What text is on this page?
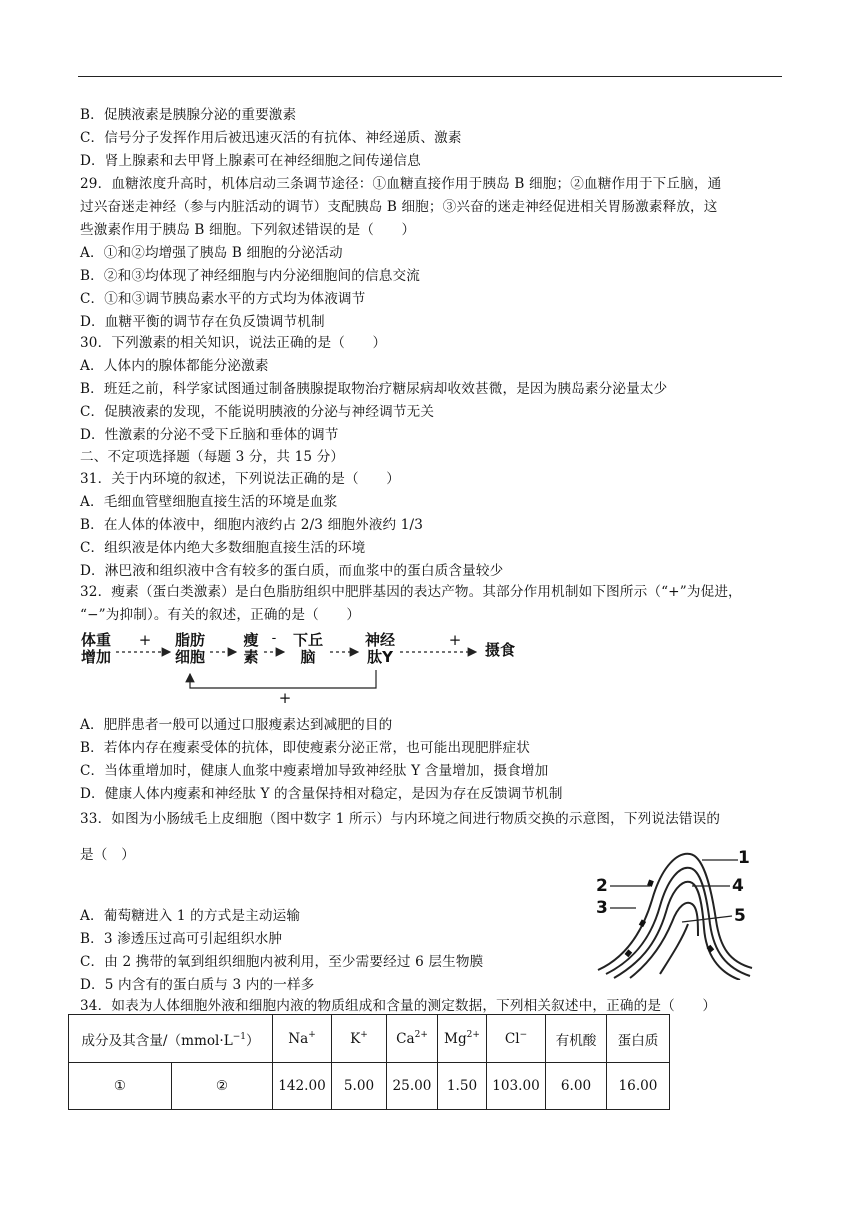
B．促胰液素是胰腺分泌的重要激素
C．信号分子发挥作用后被迅速灭活的有抗体、神经递质、激素
D．肾上腺素和去甲肾上腺素可在神经细胞之间传递信息
29．血糖浓度升高时，机体启动三条调节途径：①血糖直接作用于胰岛 B 细胞；②血糖作用于下丘脑，通
过兴奋迷走神经（参与内脏活动的调节）支配胰岛 B 细胞；③兴奋的迷走神经促进相关胃肠激素释放，这
些激素作用于胰岛 B 细胞。下列叙述错误的是（　　）
A．①和②均增强了胰岛 B 细胞的分泌活动
B．②和③均体现了神经细胞与内分泌细胞间的信息交流
C．①和③调节胰岛素水平的方式均为体液调节
D．血糖平衡的调节存在负反馈调节机制
30．下列激素的相关知识，说法正确的是（　　）
A．人体内的腺体都能分泌激素
B．班廷之前，科学家试图通过制备胰腺提取物治疗糖尿病却收效甚微，是因为胰岛素分泌量太少
C．促胰液素的发现，不能说明胰液的分泌与神经调节无关
D．性激素的分泌不受下丘脑和垂体的调节
二、不定项选择题（每题 3 分，共 15 分）
31．关于内环境的叙述，下列说法正确的是（　　）
A．毛细血管壁细胞直接生活的环境是血浆
B．在人体的体液中，细胞内液约占 2/3 细胞外液约 1/3
C．组织液是体内绝大多数细胞直接生活的环境
D．淋巴液和组织液中含有较多的蛋白质，而血浆中的蛋白质含量较少
32．瘦素（蛋白类激素）是白色脂肪组织中肥胖基因的表达产物。其部分作用机制如下图所示（“+”为促进，
“−”为抑制）。有关的叙述，正确的是（　　）
体重
增加
脂肪
细胞
瘦
素
下丘
脑
神经
肽Y	摄食
+	-	+
+
A．肥胖患者一般可以通过口服瘦素达到减肥的目的
B．若体内存在瘦素受体的抗体，即使瘦素分泌正常，也可能出现肥胖症状
C．当体重增加时，健康人血浆中瘦素增加导致神经肽 Y 含量增加，摄食增加
D．健康人体内瘦素和神经肽 Y 的含量保持相对稳定，是因为存在反馈调节机制
33．如图为小肠绒毛上皮细胞（图中数字 1 所示）与内环境之间进行物质交换的示意图，下列说法错误的
是（　）
A．葡萄糖进入 1 的方式是主动运输
B．3 渗透压过高可引起组织水肿
C．由 2 携带的氧到组织细胞内被利用，至少需要经过 6 层生物膜
D．5 内含有的蛋白质与 3 内的一样多
1
2
3
4
5
34．如表为人体细胞外液和细胞内液的物质组成和含量的测定数据，下列相关叙述中，正确的是（　　）
成分及其含量$/(mmol\cdot L^{-1})$		Na+	K+	$Ca^{2+}$	$Mg^{2+}$	Cl−	有机酸	蛋白质
①	②	142.00	5.00	25.00	1.50	103.00	6.00	16.00
